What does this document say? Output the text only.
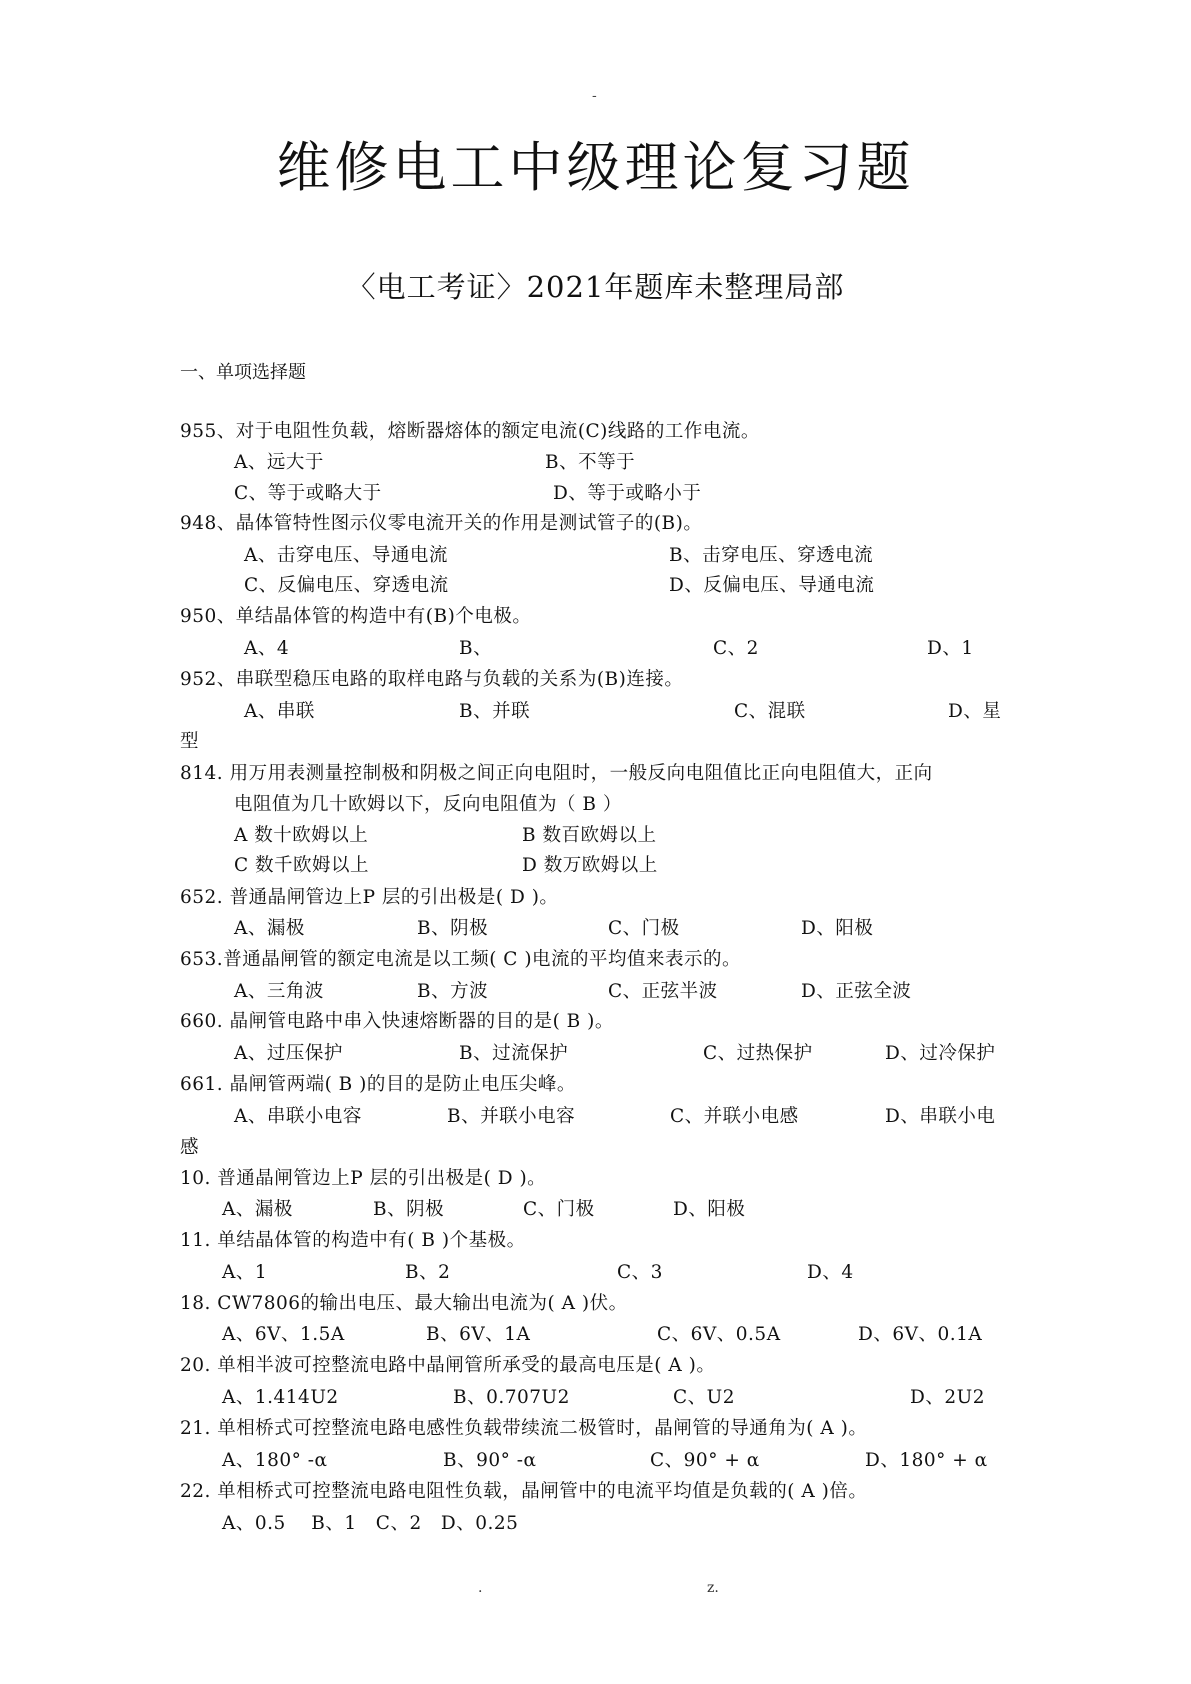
-
维修电工中级理论复习题
〈电工考证〉2021年题库未整理局部
一、单项选择题
955、对于电阻性负载，熔断器熔体的额定电流(C)线路的工作电流。
A、远大于	B、不等于
C、等于或略大于	D、等于或略小于
948、晶体管特性图示仪零电流开关的作用是测试管子的(B)。
A、击穿电压、导通电流	B、击穿电压、穿透电流
C、反偏电压、穿透电流	D、反偏电压、导通电流
950、单结晶体管的构造中有(B)个电极。
A、4	B、	C、2	D、1
952、串联型稳压电路的取样电路与负载的关系为(B)连接。
A、串联	B、并联	C、混联	D、星
型
814. 用万用表测量控制极和阴极之间正向电阻时，一般反向电阻值比正向电阻值大，正向
电阻值为几十欧姆以下，反向电阻值为（ B ）
A 数十欧姆以上	B 数百欧姆以上
C 数千欧姆以上	D 数万欧姆以上
652. 普通晶闸管边上P 层的引出极是( D )。
A、漏极	B、阴极	C、门极	D、阳极
653.普通晶闸管的额定电流是以工频( C )电流的平均值来表示的。
A、三角波	B、方波	C、正弦半波	D、正弦全波
660. 晶闸管电路中串入快速熔断器的目的是( B )。
A、过压保护	B、过流保护	C、过热保护	D、过冷保护
661. 晶闸管两端( B )的目的是防止电压尖峰。
A、串联小电容	B、并联小电容	C、并联小电感	D、串联小电
感
10. 普通晶闸管边上P 层的引出极是( D )。
A、漏极	B、阴极	C、门极	D、阳极
11. 单结晶体管的构造中有( B )个基极。
A、1	B、2	C、3	D、4
18. CW7806的输出电压、最大输出电流为( A )伏。
A、6V、1.5A	B、6V、1A	C、6V、0.5A	D、6V、0.1A
20. 单相半波可控整流电路中晶闸管所承受的最高电压是( A )。
A、1.414U2	B、0.707U2	C、U2	D、2U2
21. 单相桥式可控整流电路电感性负载带续流二极管时，晶闸管的导通角为( A )。
A、180° -α	B、90° -α	C、90° + α	D、180° + α
22. 单相桥式可控整流电路电阻性负载，晶闸管中的电流平均值是负载的( A )倍。
A、0.5    B、1   C、2   D、0.25
.	z.
